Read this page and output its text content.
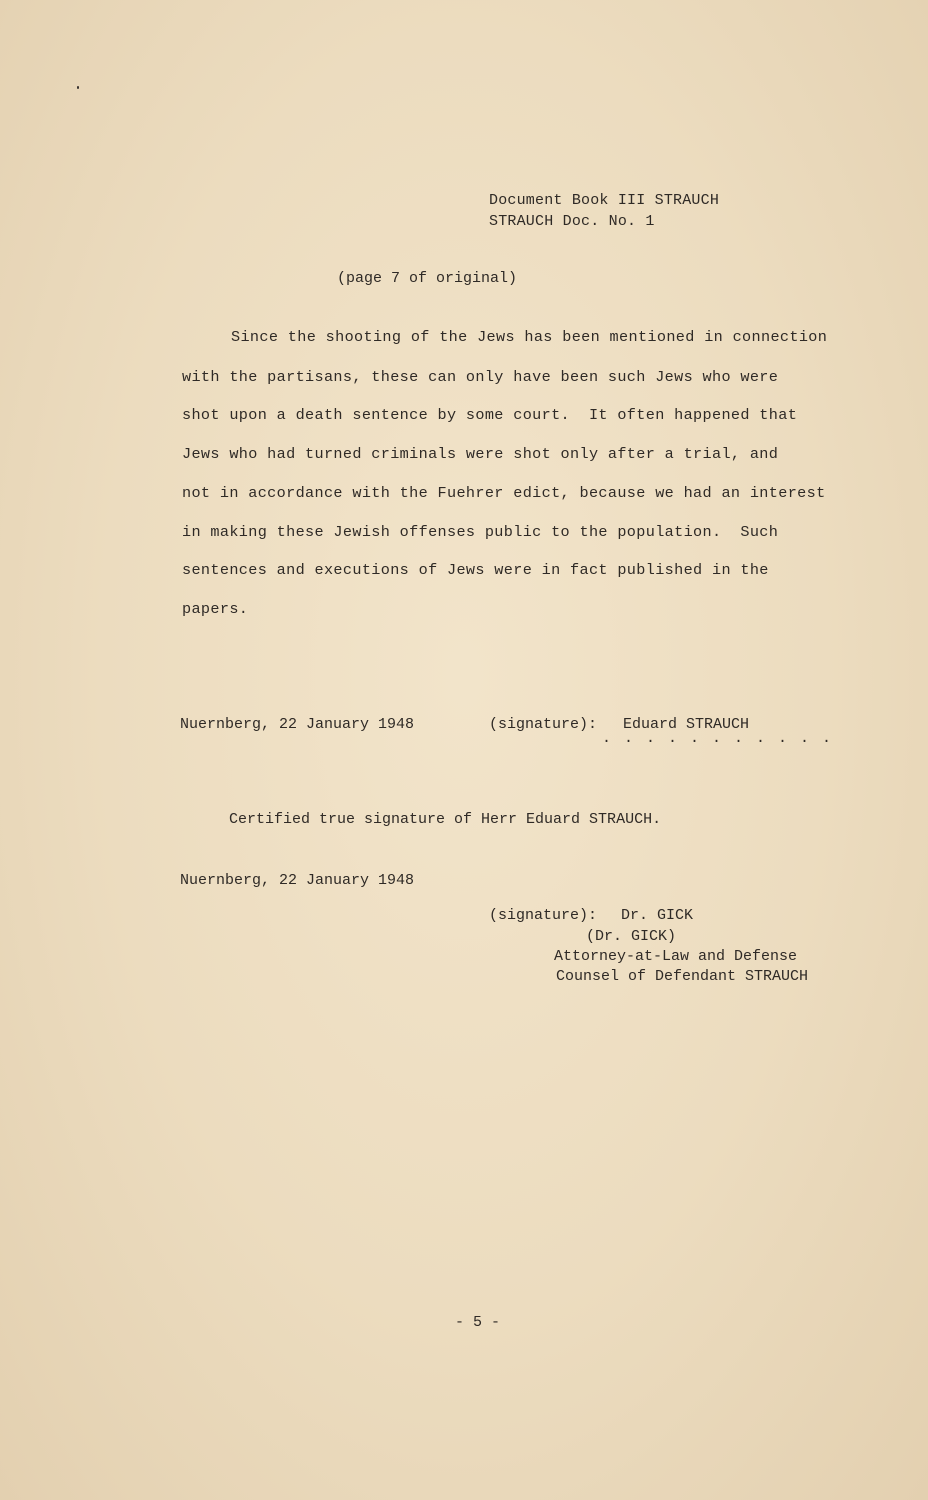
Document Book III STRAUCH
STRAUCH Doc. No. 1
(page 7 of original)
Since the shooting of the Jews has been mentioned in connection
with the partisans, these can only have been such Jews who were
shot upon a death sentence by some court.  It often happened that
Jews who had turned criminals were shot only after a trial, and
not in accordance with the Fuehrer edict, because we had an interest
in making these Jewish offenses public to the population.  Such
sentences and executions of Jews were in fact published in the
papers.
Nuernberg, 22 January 1948	(signature): Eduard STRAUCH
. . . . . . . . . . .
Certified true signature of Herr Eduard STRAUCH.
Nuernberg, 22 January 1948
(signature): Dr. GICK
(Dr. GICK)
Attorney-at-Law and Defense
Counsel of Defendant STRAUCH
- 5 -
